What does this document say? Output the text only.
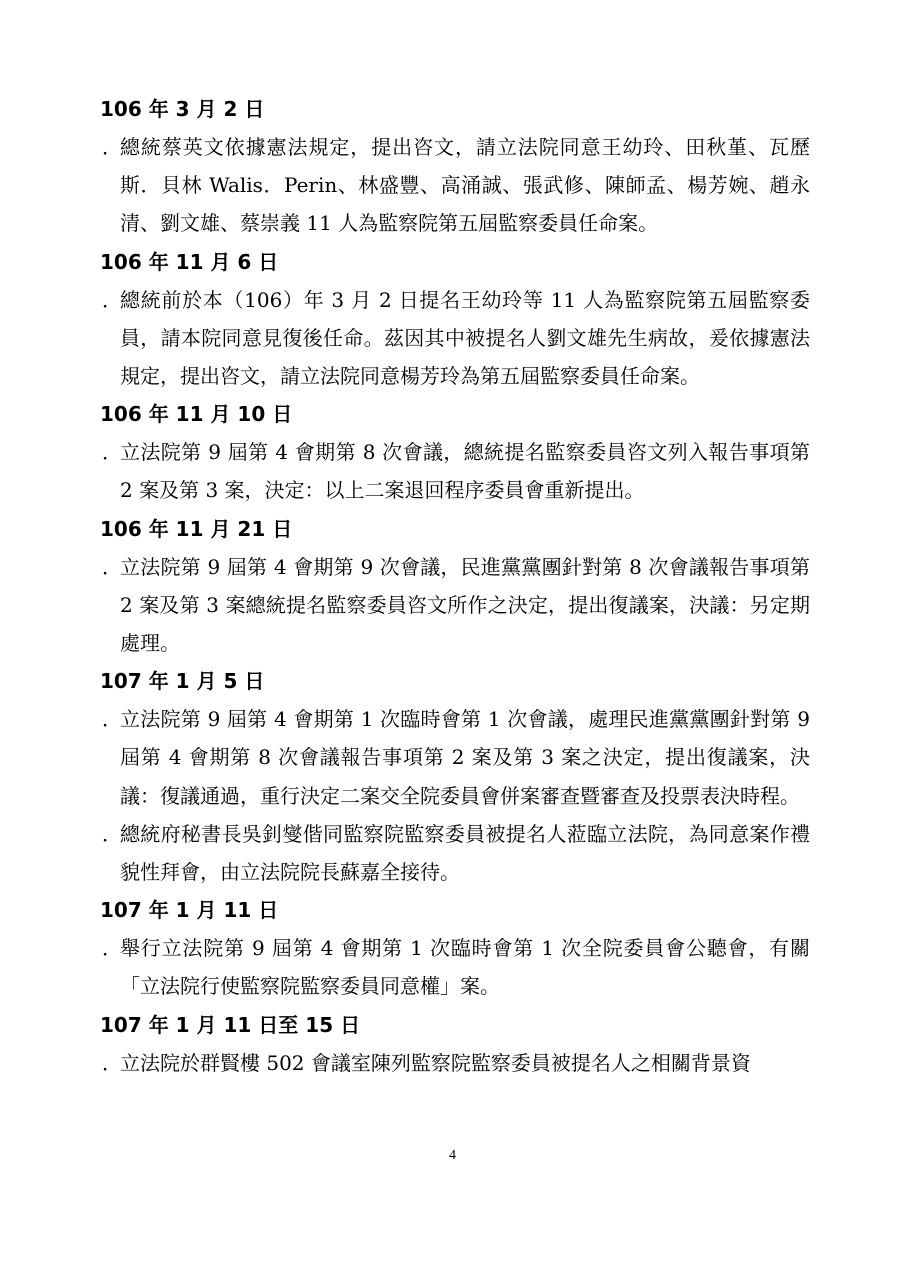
106 年 3 月 2 日
．
總統蔡英文依據憲法規定，提出咨文，請立法院同意王幼玲、田秋堇、瓦歷斯．貝林 Walis．Perin、林盛豐、高涌誠、張武修、陳師孟、楊芳婉、趙永清、劉文雄、蔡崇義 11 人為監察院第五屆監察委員任命案。
106 年 11 月 6 日
．
總統前於本（106）年 3 月 2 日提名王幼玲等 11 人為監察院第五屆監察委員，請本院同意見復後任命。茲因其中被提名人劉文雄先生病故，爰依據憲法規定，提出咨文，請立法院同意楊芳玲為第五屆監察委員任命案。
106 年 11 月 10 日
．
立法院第 9 屆第 4 會期第 8 次會議，總統提名監察委員咨文列入報告事項第 2 案及第 3 案，決定：以上二案退回程序委員會重新提出。
106 年 11 月 21 日
．
立法院第 9 屆第 4 會期第 9 次會議，民進黨黨團針對第 8 次會議報告事項第 2 案及第 3 案總統提名監察委員咨文所作之決定，提出復議案，決議：另定期處理。
107 年 1 月 5 日
．
立法院第 9 屆第 4 會期第 1 次臨時會第 1 次會議，處理民進黨黨團針對第 9 屆第 4 會期第 8 次會議報告事項第 2 案及第 3 案之決定，提出復議案，決議：復議通過，重行決定二案交全院委員會併案審查暨審查及投票表決時程。
．
總統府秘書長吳釗燮偕同監察院監察委員被提名人蒞臨立法院，為同意案作禮貌性拜會，由立法院院長蘇嘉全接待。
107 年 1 月 11 日
．
舉行立法院第 9 屆第 4 會期第 1 次臨時會第 1 次全院委員會公聽會，有關「立法院行使監察院監察委員同意權」案。
107 年 1 月 11 日至 15 日
．
立法院於群賢樓 502 會議室陳列監察院監察委員被提名人之相關背景資
4
